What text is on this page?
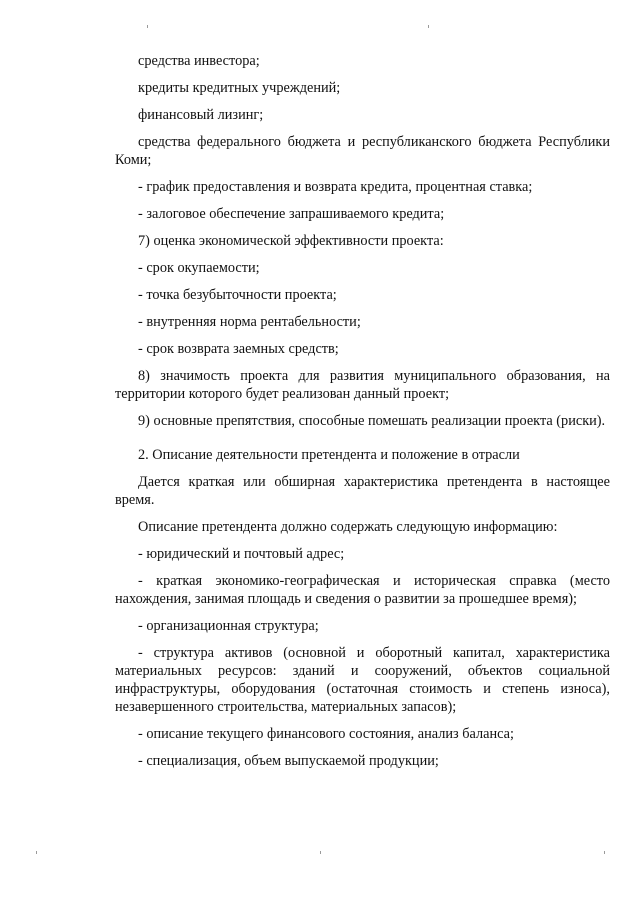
средства инвестора;

кредиты кредитных учреждений;

финансовый лизинг;

средства федерального бюджета и республиканского бюджета Республики Коми;

- график предоставления и возврата кредита, процентная ставка;

- залоговое обеспечение запрашиваемого кредита;

7) оценка экономической эффективности проекта:

- срок окупаемости;

- точка безубыточности проекта;

- внутренняя норма рентабельности;

- срок возврата заемных средств;

8) значимость проекта для развития муниципального образования, на территории которого будет реализован данный проект;

9) основные препятствия, способные помешать реализации проекта (риски).

2. Описание деятельности претендента и положение в отрасли

Дается краткая или обширная характеристика претендента в настоящее время.

Описание претендента должно содержать следующую информацию:

- юридический и почтовый адрес;

- краткая экономико-географическая и историческая справка (место нахождения, занимая площадь и сведения о развитии за прошедшее время);

- организационная структура;

- структура активов (основной и оборотный капитал, характеристика материальных ресурсов: зданий и сооружений, объектов социальной инфраструктуры, оборудования (остаточная стоимость и степень износа), незавершенного строительства, материальных запасов);

- описание текущего финансового состояния, анализ баланса;

- специализация, объем выпускаемой продукции;
